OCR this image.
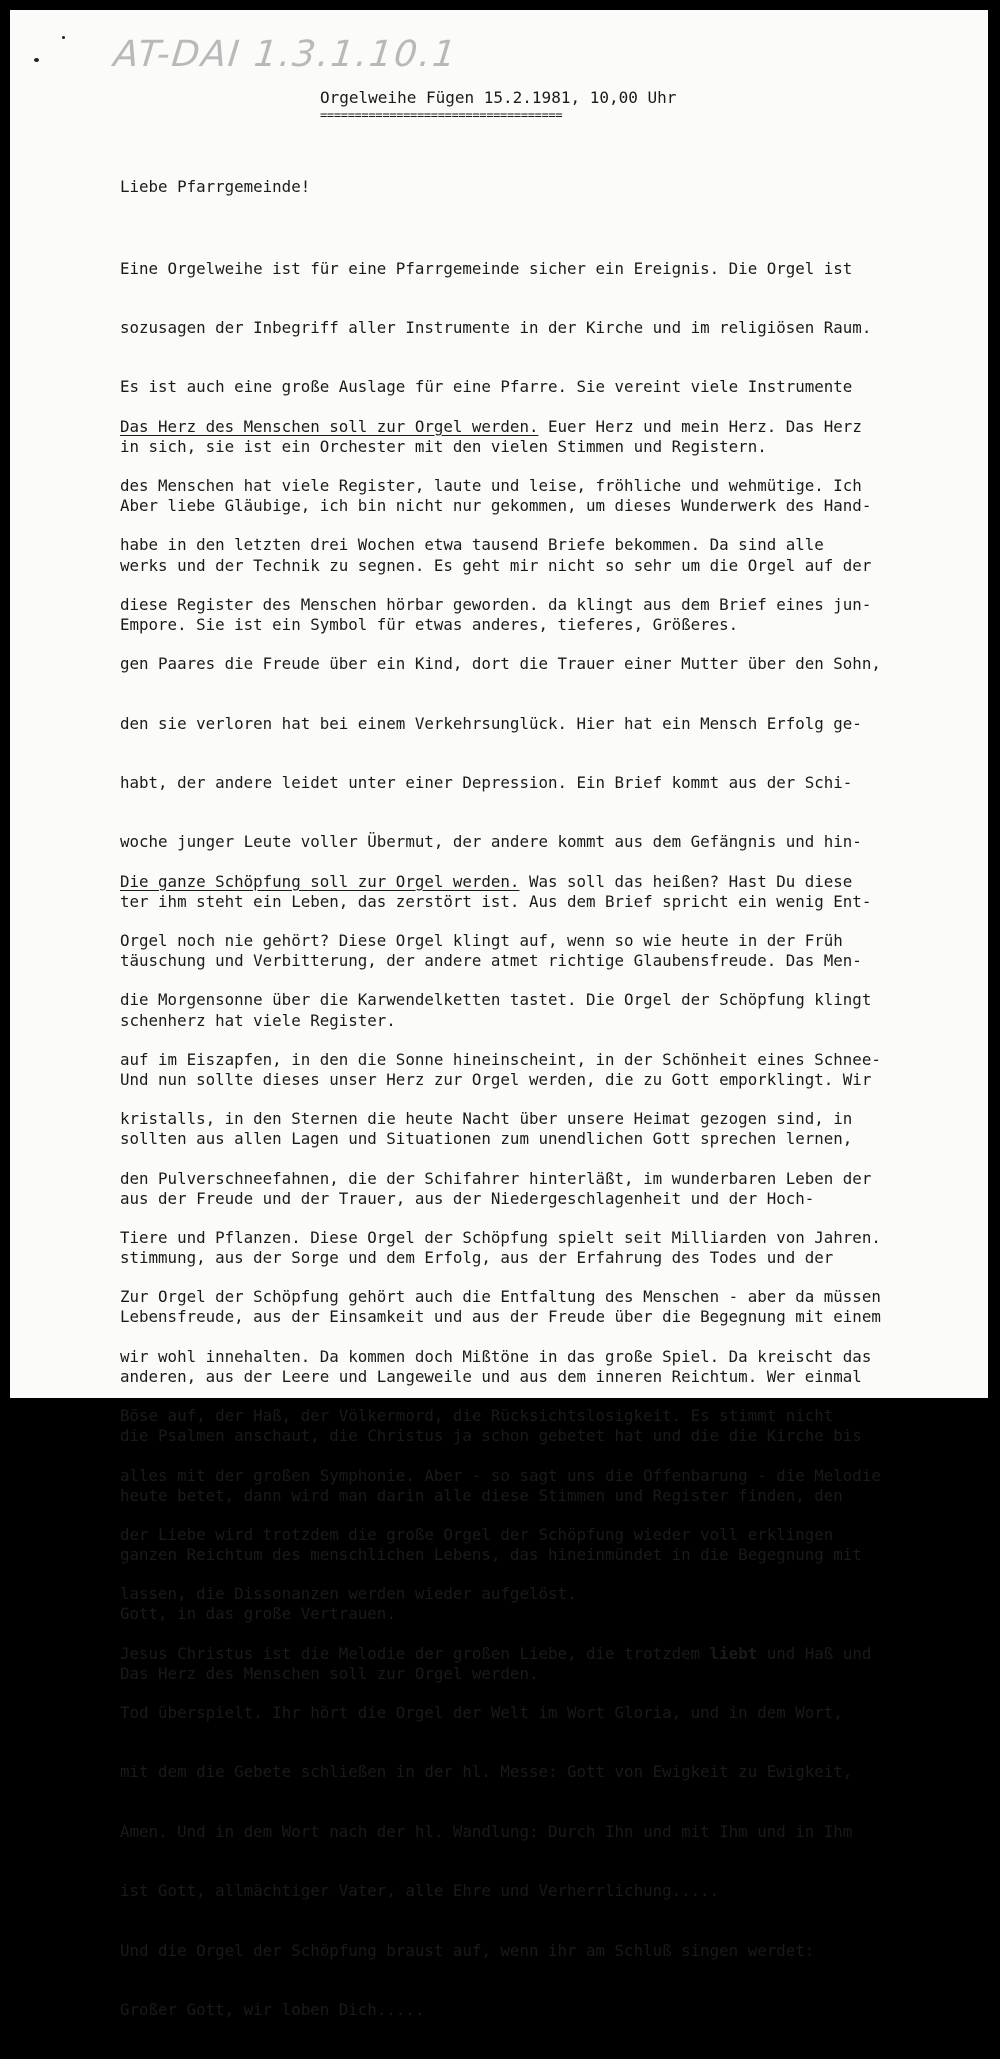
AT-DAI 1.3.1.10.1
Orgelweihe Fügen 15.2.1981, 10,00 Uhr
===================================
Liebe Pfarrgemeinde!

Eine Orgelweihe ist für eine Pfarrgemeinde sicher ein Ereignis. Die Orgel ist

sozusagen der Inbegriff aller Instrumente in der Kirche und im religiösen Raum.

Es ist auch eine große Auslage für eine Pfarre. Sie vereint viele Instrumente

in sich, sie ist ein Orchester mit den vielen Stimmen und Registern.

Aber liebe Gläubige, ich bin nicht nur gekommen, um dieses Wunderwerk des Hand-

werks und der Technik zu segnen. Es geht mir nicht so sehr um die Orgel auf der

Empore. Sie ist ein Symbol für etwas anderes, tieferes, Größeres.

Das Herz des Menschen soll zur Orgel werden. Euer Herz und mein Herz. Das Herz

des Menschen hat viele Register, laute und leise, fröhliche und wehmütige. Ich

habe in den letzten drei Wochen etwa tausend Briefe bekommen. Da sind alle

diese Register des Menschen hörbar geworden. da klingt aus dem Brief eines jun-

gen Paares die Freude über ein Kind, dort die Trauer einer Mutter über den Sohn,

den sie verloren hat bei einem Verkehrsunglück. Hier hat ein Mensch Erfolg ge-

habt, der andere leidet unter einer Depression. Ein Brief kommt aus der Schi-

woche junger Leute voller Übermut, der andere kommt aus dem Gefängnis und hin-

ter ihm steht ein Leben, das zerstört ist. Aus dem Brief spricht ein wenig Ent-

täuschung und Verbitterung, der andere atmet richtige Glaubensfreude. Das Men-

schenherz hat viele Register.

Und nun sollte dieses unser Herz zur Orgel werden, die zu Gott emporklingt. Wir

sollten aus allen Lagen und Situationen zum unendlichen Gott sprechen lernen,

aus der Freude und der Trauer, aus der Niedergeschlagenheit und der Hoch-

stimmung, aus der Sorge und dem Erfolg, aus der Erfahrung des Todes und der

Lebensfreude, aus der Einsamkeit und aus der Freude über die Begegnung mit einem

anderen, aus der Leere und Langeweile und aus dem inneren Reichtum. Wer einmal

die Psalmen anschaut, die Christus ja schon gebetet hat und die die Kirche bis

heute betet, dann wird man darin alle diese Stimmen und Register finden, den

ganzen Reichtum des menschlichen Lebens, das hineinmündet in die Begegnung mit

Gott, in das große Vertrauen.

Das Herz des Menschen soll zur Orgel werden.

Die ganze Schöpfung soll zur Orgel werden. Was soll das heißen? Hast Du diese

Orgel noch nie gehört? Diese Orgel klingt auf, wenn so wie heute in der Früh

die Morgensonne über die Karwendelketten tastet. Die Orgel der Schöpfung klingt

auf im Eiszapfen, in den die Sonne hineinscheint, in der Schönheit eines Schnee-

kristalls, in den Sternen die heute Nacht über unsere Heimat gezogen sind, in

den Pulverschneefahnen, die der Schifahrer hinterläßt, im wunderbaren Leben der

Tiere und Pflanzen. Diese Orgel der Schöpfung spielt seit Milliarden von Jahren.

Zur Orgel der Schöpfung gehört auch die Entfaltung des Menschen - aber da müssen

wir wohl innehalten. Da kommen doch Mißtöne in das große Spiel. Da kreischt das

Böse auf, der Haß, der Völkermord, die Rücksichtslosigkeit. Es stimmt nicht

alles mit der großen Symphonie. Aber - so sagt uns die Offenbarung - die Melodie

der Liebe wird trotzdem die große Orgel der Schöpfung wieder voll erklingen

lassen, die Dissonanzen werden wieder aufgelöst.

Jesus Christus ist die Melodie der großen Liebe, die trotzdem liebt und Haß und

Tod überspielt. Ihr hört die Orgel der Welt im Wort Gloria, und in dem Wort,

mit dem die Gebete schließen in der hl. Messe: Gott von Ewigkeit zu Ewigkeit,

Amen. Und in dem Wort nach der hl. Wandlung: Durch Ihn und mit Ihm und in Ihm

ist Gott, allmächtiger Vater, alle Ehre und Verherrlichung.....

Und die Orgel der Schöpfung braust auf, wenn ihr am Schluß singen werdet:

Großer Gott, wir loben Dich.....
